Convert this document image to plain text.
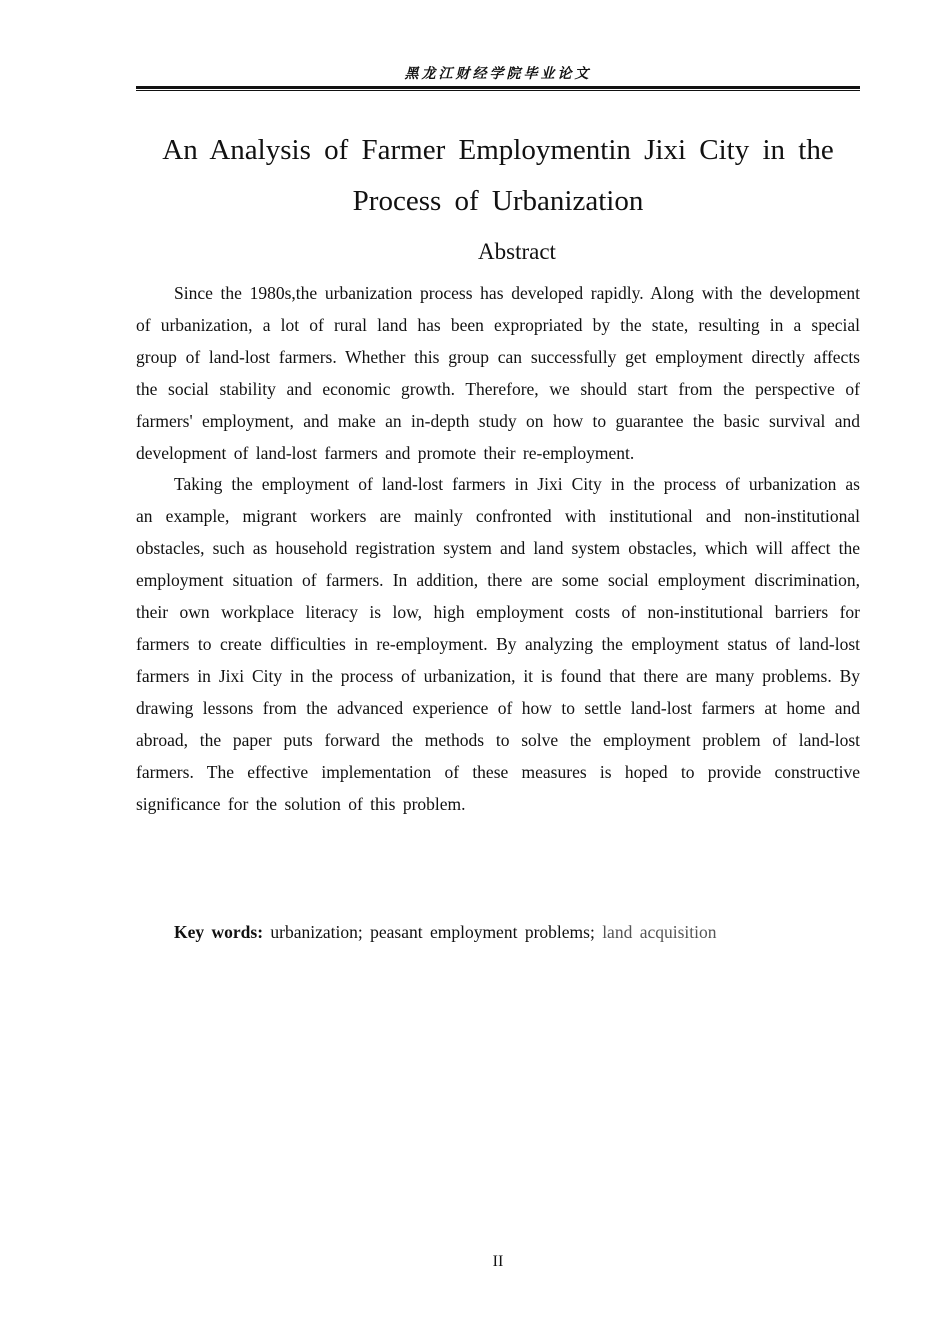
黑龙江财经学院毕业论文
An Analysis of Farmer Employmentin Jixi City in the
Process of Urbanization
Abstract

Since the 1980s,the urbanization process has developed rapidly. Along with the development of urbanization, a lot of rural land has been expropriated by the state, resulting in a special group of land-lost farmers. Whether this group can successfully get employment directly affects the social stability and economic growth. Therefore, we should start from the perspective of farmers' employment, and make an in-depth study on how to guarantee the basic survival and development of land-lost farmers and promote their re-employment.

Taking the employment of land-lost farmers in Jixi City in the process of urbanization as an example, migrant workers are mainly confronted with institutional and non-institutional obstacles, such as household registration system and land system obstacles, which will affect the employment situation of farmers. In addition, there are some social employment discrimination, their own workplace literacy is low, high employment costs of non-institutional barriers for farmers to create difficulties in re-employment. By analyzing the employment status of land-lost farmers in Jixi City in the process of urbanization, it is found that there are many problems. By drawing lessons from the advanced experience of how to settle land-lost farmers at home and abroad, the paper puts forward the methods to solve the employment problem of land-lost farmers. The effective implementation of these measures is hoped to provide constructive significance for the solution of this problem.

Key words: urbanization; peasant employment problems; land acquisition
II
